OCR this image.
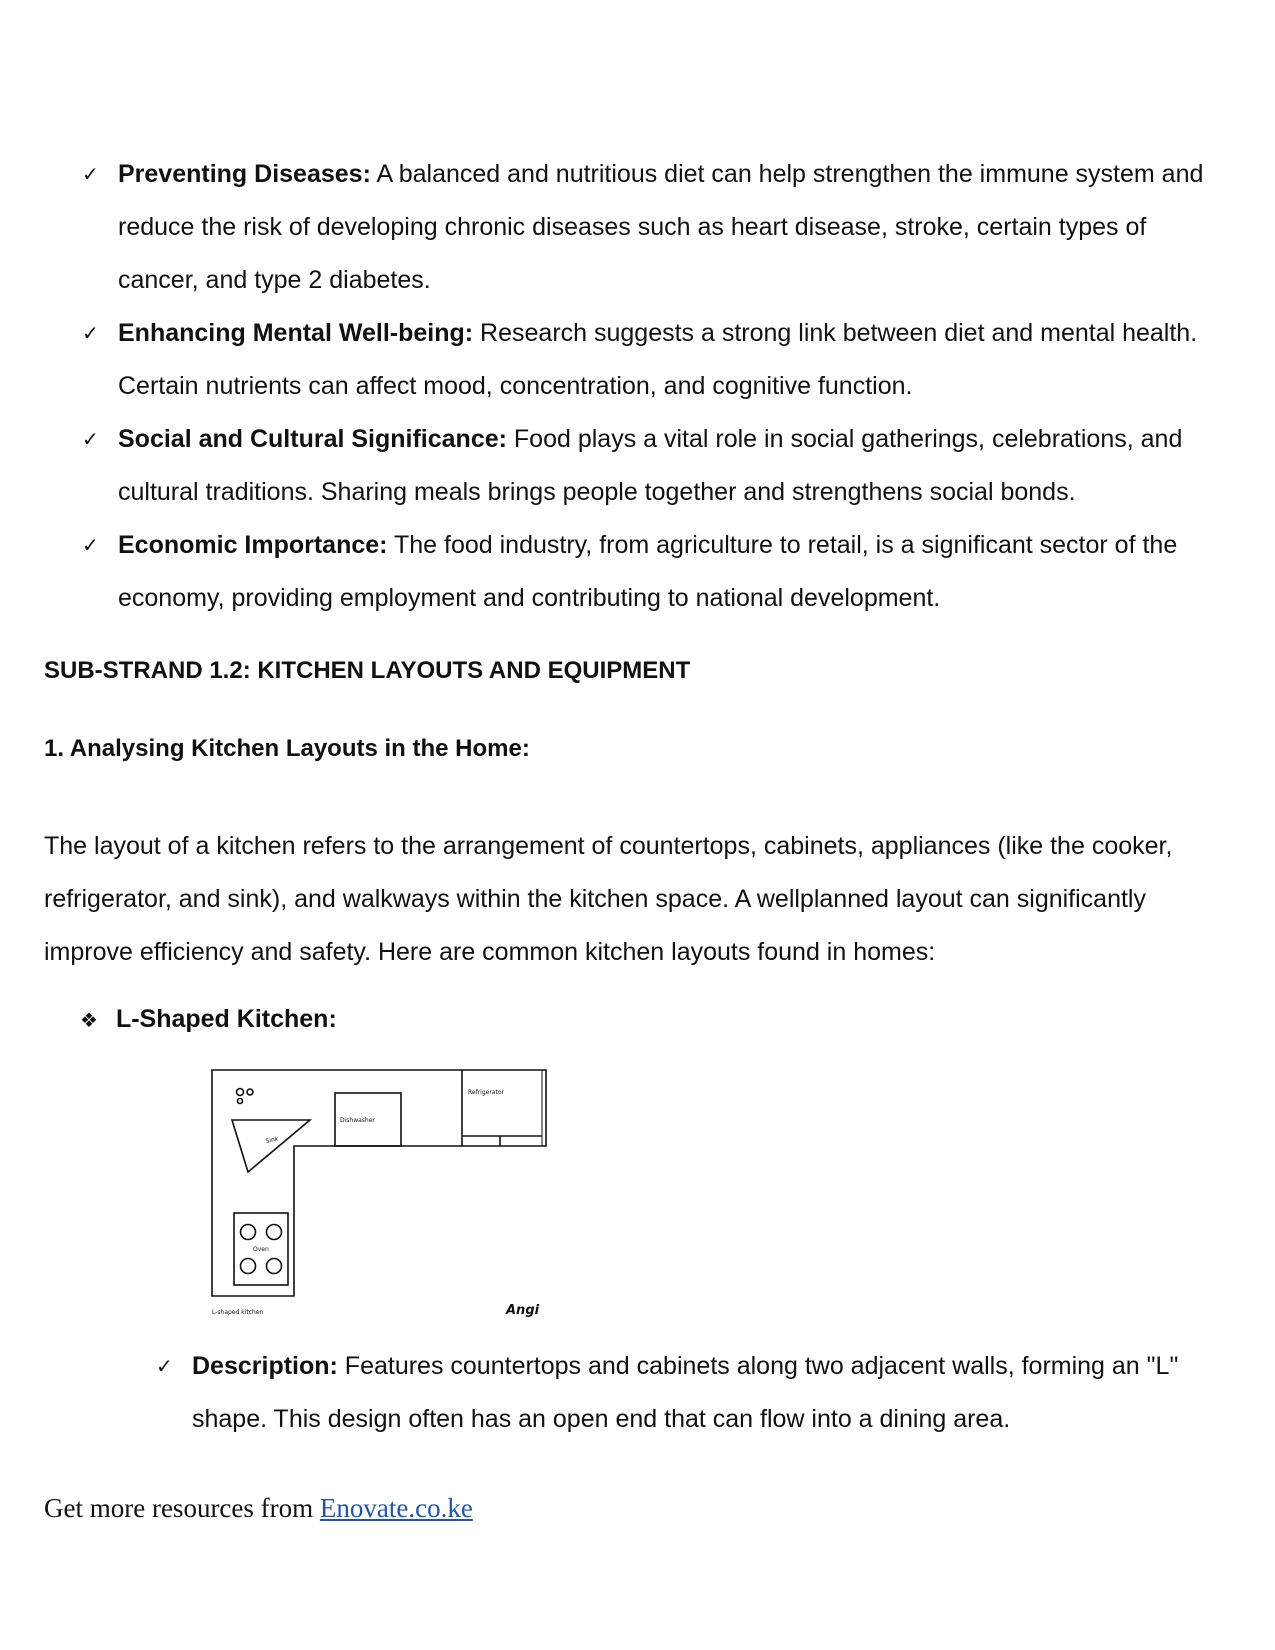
✓ Preventing Diseases: A balanced and nutritious diet can help strengthen the immune system and reduce the risk of developing chronic diseases such as heart disease, stroke, certain types of cancer, and type 2 diabetes.
✓ Enhancing Mental Well-being: Research suggests a strong link between diet and mental health. Certain nutrients can affect mood, concentration, and cognitive function.
✓ Social and Cultural Significance: Food plays a vital role in social gatherings, celebrations, and cultural traditions. Sharing meals brings people together and strengthens social bonds.
✓ Economic Importance: The food industry, from agriculture to retail, is a significant sector of the economy, providing employment and contributing to national development.
SUB-STRAND 1.2: KITCHEN LAYOUTS AND EQUIPMENT
1. Analysing Kitchen Layouts in the Home:
The layout of a kitchen refers to the arrangement of countertops, cabinets, appliances (like the cooker, refrigerator, and sink), and walkways within the kitchen space. A wellplanned layout can significantly improve efficiency and safety. Here are common kitchen layouts found in homes:
❖ L-Shaped Kitchen:
Sink
Dishwasher
Refrigerator
Oven
L-shaped kitchen	Angi
✓ Description: Features countertops and cabinets along two adjacent walls, forming an "L" shape. This design often has an open end that can flow into a dining area.
Get more resources from Enovate.co.ke
